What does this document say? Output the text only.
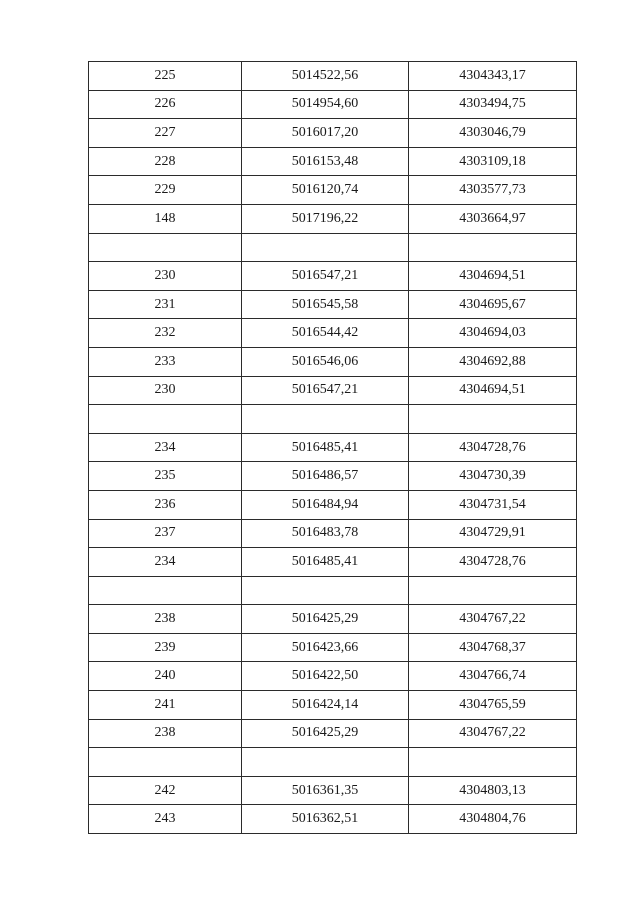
225	5014522,56	4304343,17
226	5014954,60	4303494,75
227	5016017,20	4303046,79
228	5016153,48	4303109,18
229	5016120,74	4303577,73
148	5017196,22	4303664,97

230	5016547,21	4304694,51
231	5016545,58	4304695,67
232	5016544,42	4304694,03
233	5016546,06	4304692,88
230	5016547,21	4304694,51

234	5016485,41	4304728,76
235	5016486,57	4304730,39
236	5016484,94	4304731,54
237	5016483,78	4304729,91
234	5016485,41	4304728,76

238	5016425,29	4304767,22
239	5016423,66	4304768,37
240	5016422,50	4304766,74
241	5016424,14	4304765,59
238	5016425,29	4304767,22

242	5016361,35	4304803,13
243	5016362,51	4304804,76
